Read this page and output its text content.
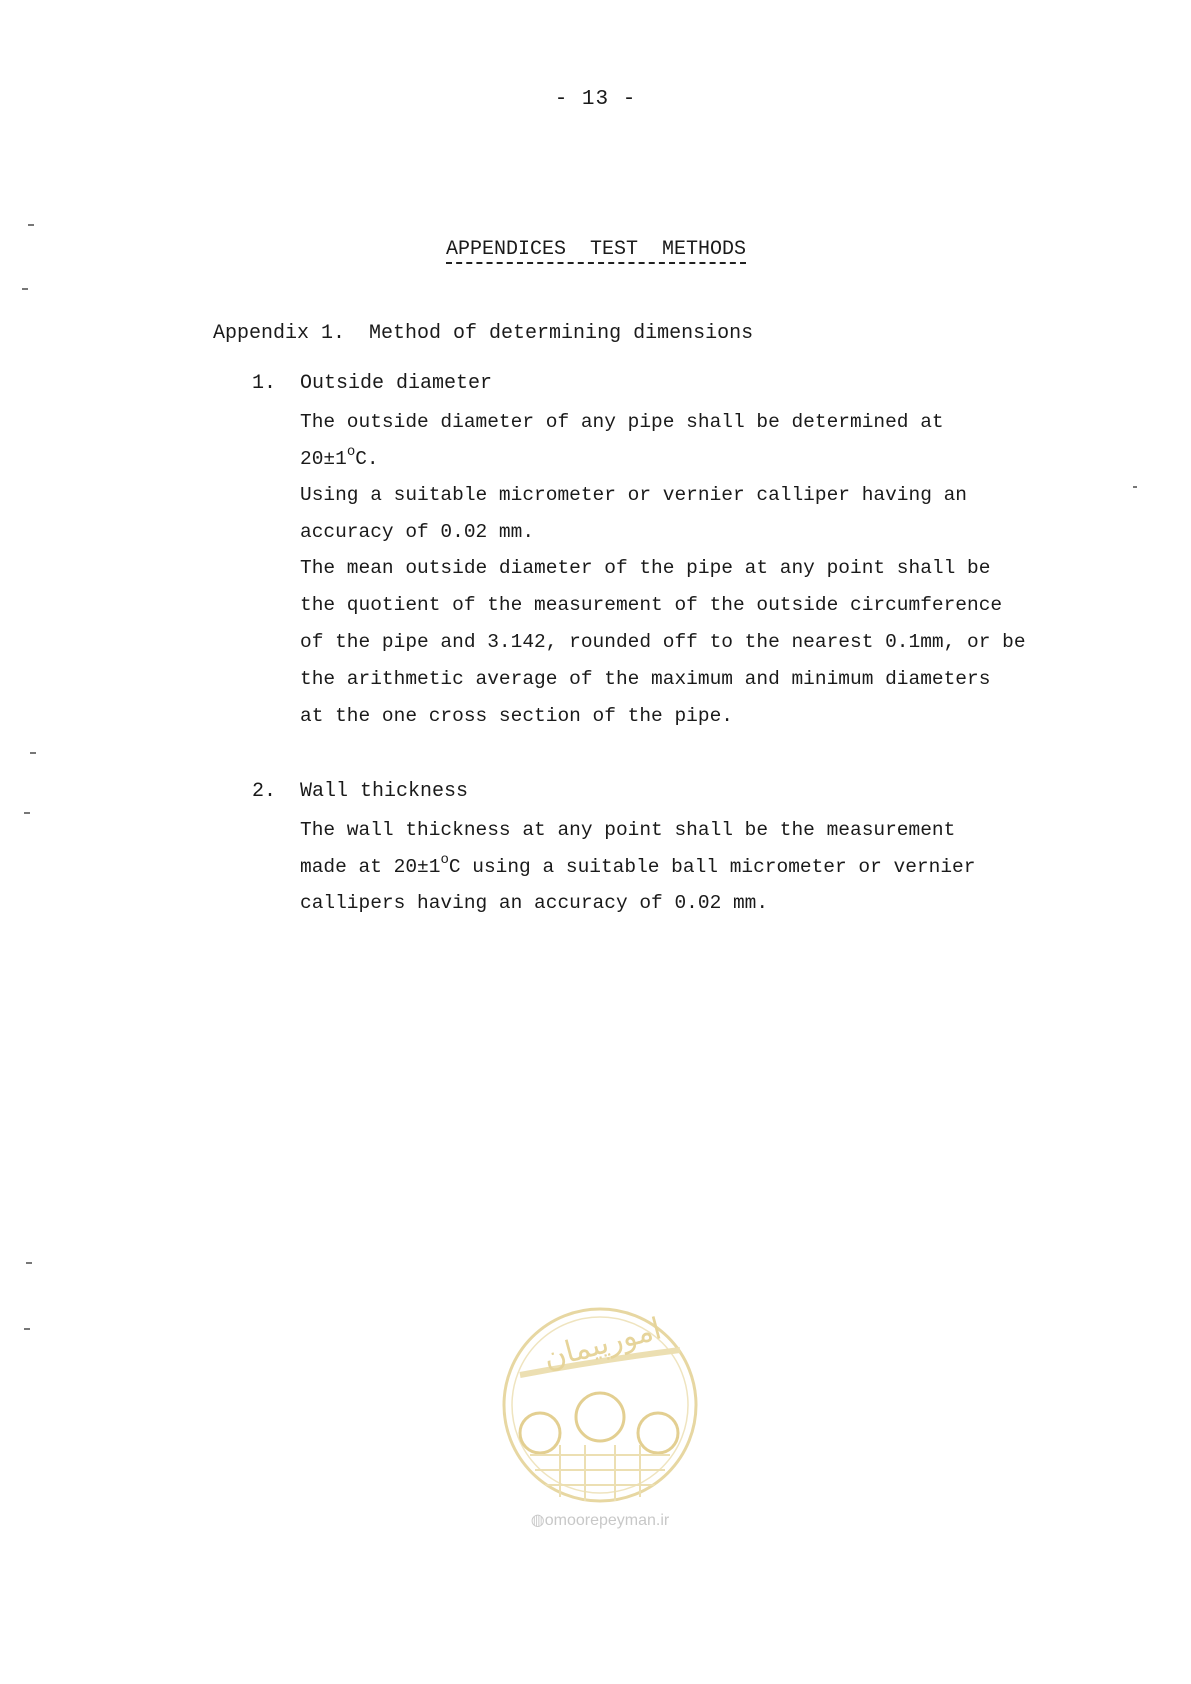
- 13 -
APPENDICES  TEST  METHODS
Appendix 1.  Method of determining dimensions
1. Outside diameter
The outside diameter of any pipe shall be determined at
$20\pm 1^oC$.
Using a suitable micrometer or vernier calliper having an
accuracy of 0.02 mm.
The mean outside diameter of the pipe at any point shall be
the quotient of the measurement of the outside circumference
of the pipe and 3.142, rounded off to the nearest 0.1mm, or be
the arithmetic average of the maximum and minimum diameters
at the one cross section of the pipe.
2. Wall thickness
The wall thickness at any point shall be the measurement
made at $20\pm 1^oC$ using a suitable ball micrometer or vernier
callipers having an accuracy of 0.02 mm.
امورپیمان
◍omoorepeyman.ir
